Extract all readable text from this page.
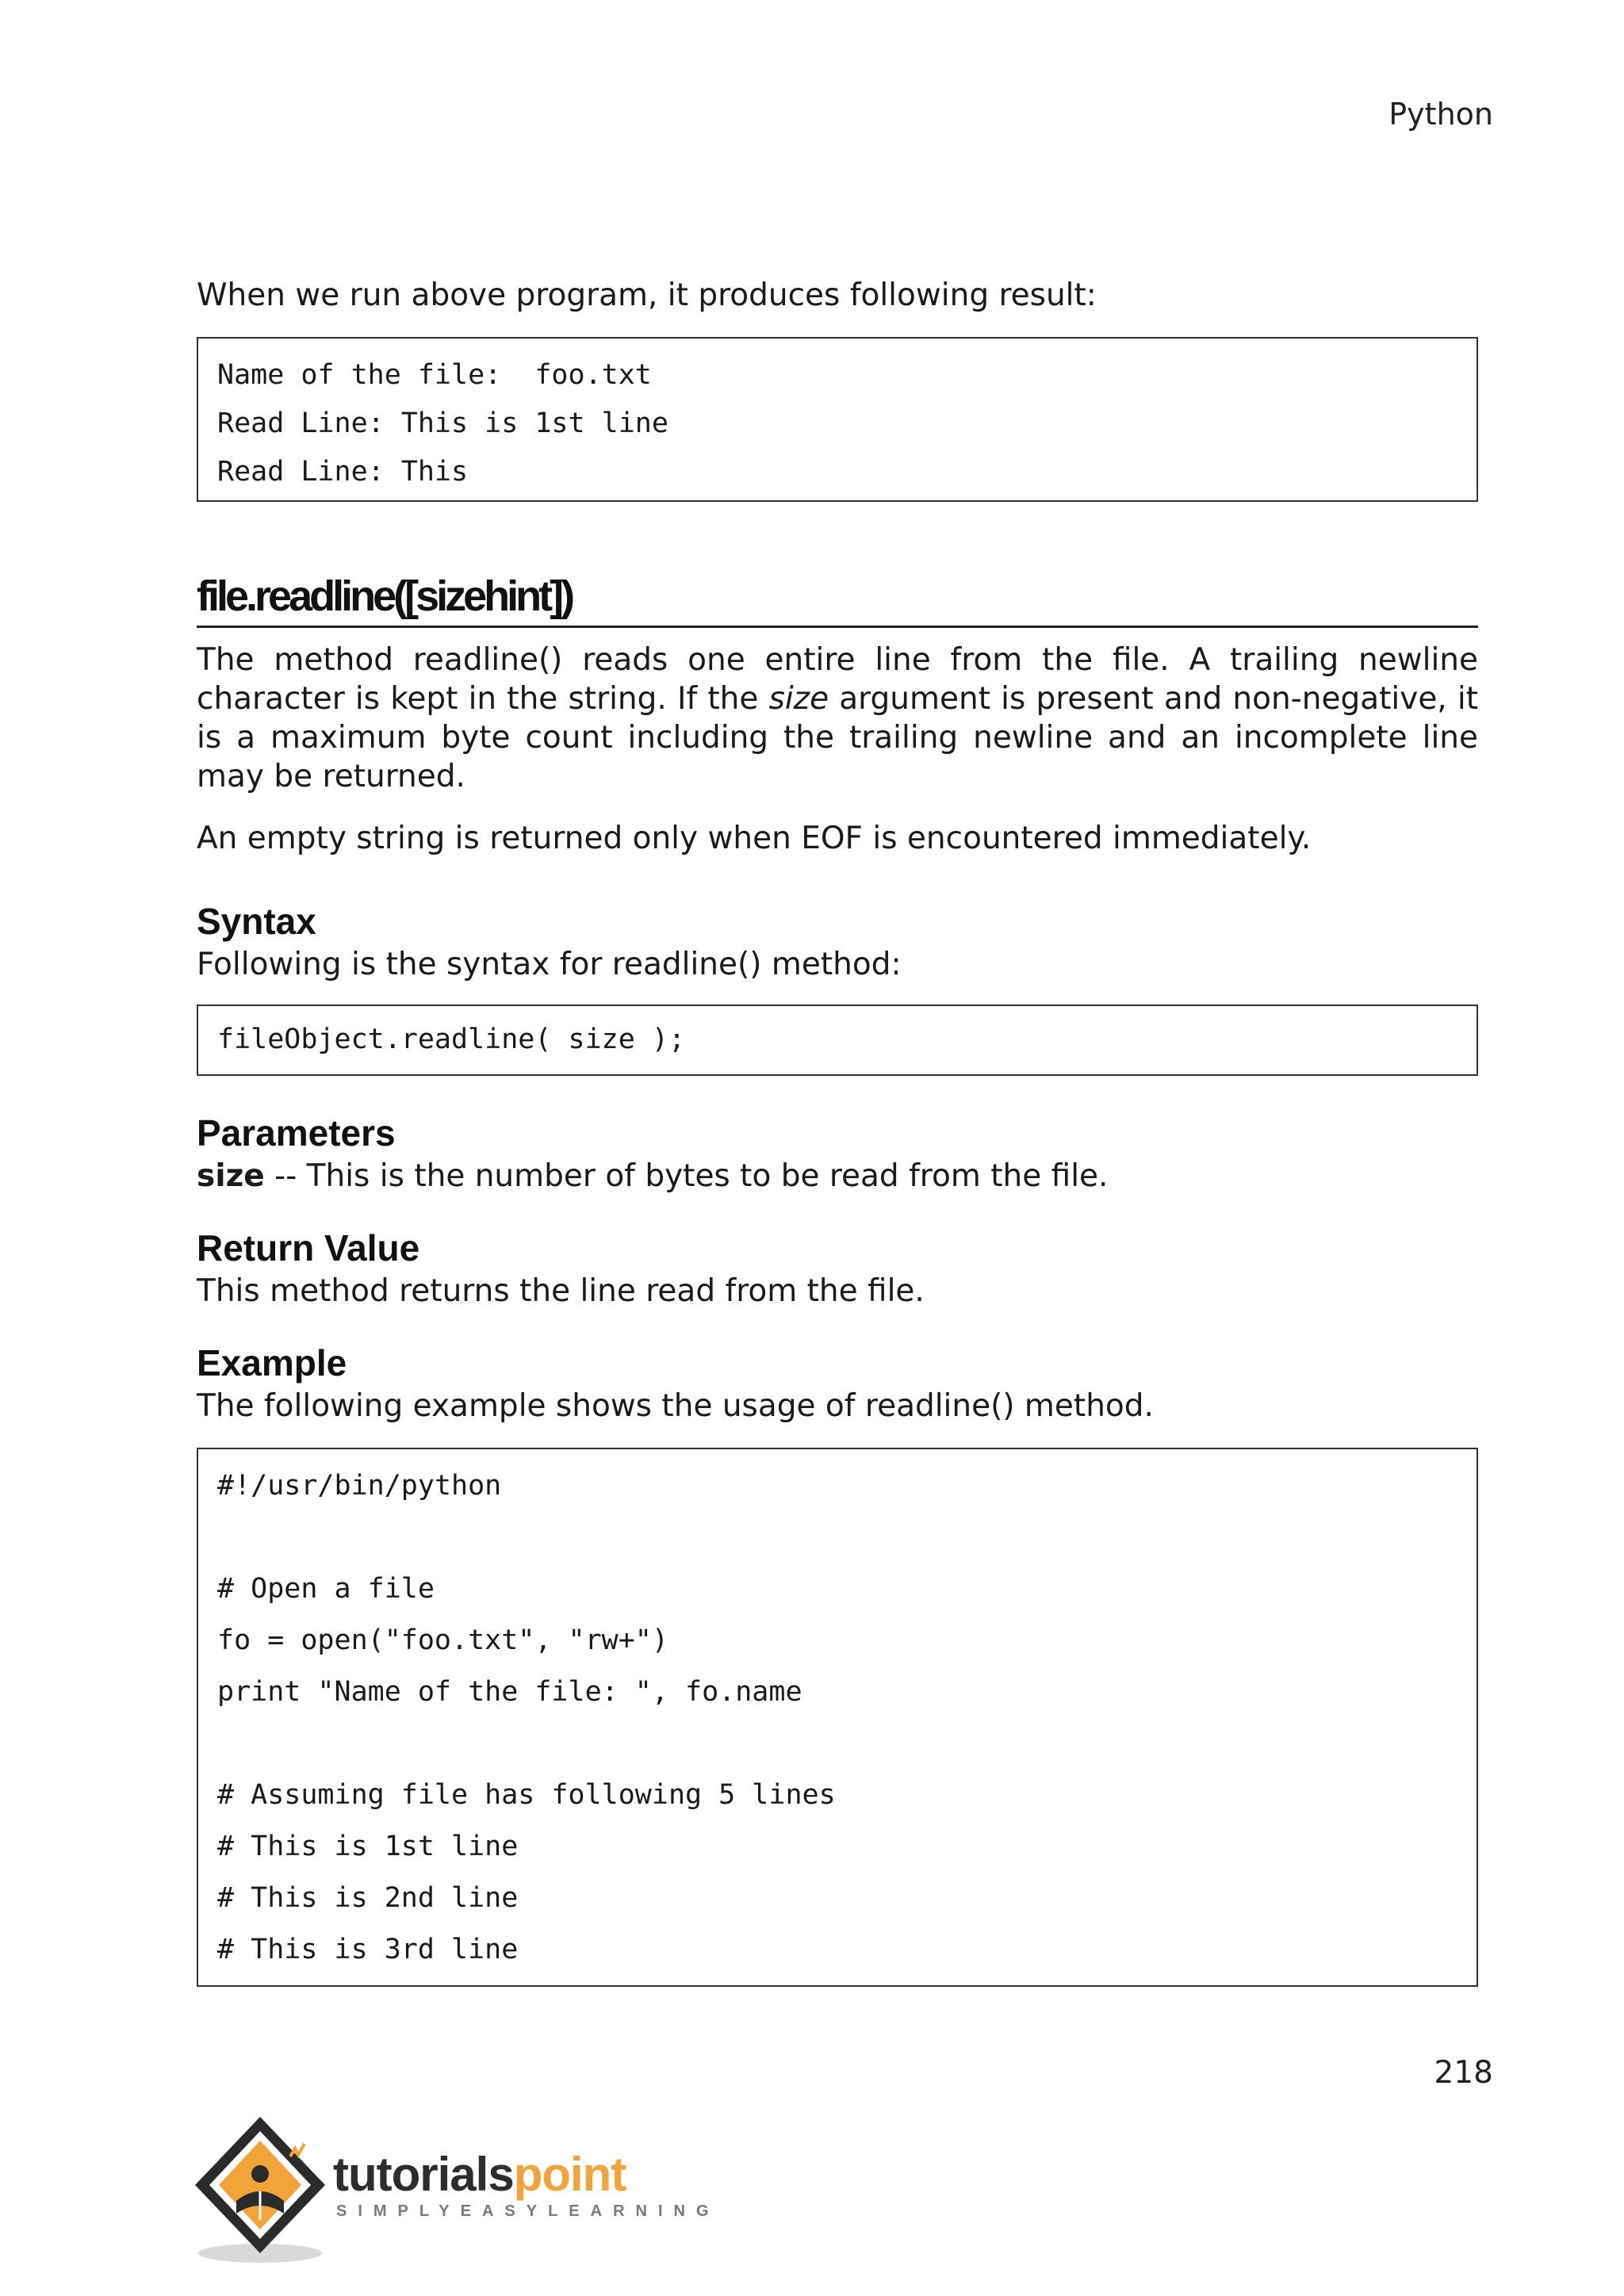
Python

When we run above program, it produces following result:

Name of the file:  foo.txt
Read Line: This is 1st line
Read Line: This
file.readline([sizehint])

The method readline() reads one entire line from the file. A trailing newline character is kept in the string. If the size argument is present and non-negative, it is a maximum byte count including the trailing newline and an incomplete line may be returned.

An empty string is returned only when EOF is encountered immediately.

Syntax

Following is the syntax for readline() method:

fileObject.readline( size );
Parameters

size -- This is the number of bytes to be read from the file.

Return Value

This method returns the line read from the file.

Example

The following example shows the usage of readline() method.

#!/usr/bin/python
# Open a file
fo = open("foo.txt", "rw+")
print "Name of the file: ", fo.name
# Assuming file has following 5 lines
# This is 1st line
# This is 2nd line
# This is 3rd line
218
tutorialspoint
SIMPLYEASYLEARNING
